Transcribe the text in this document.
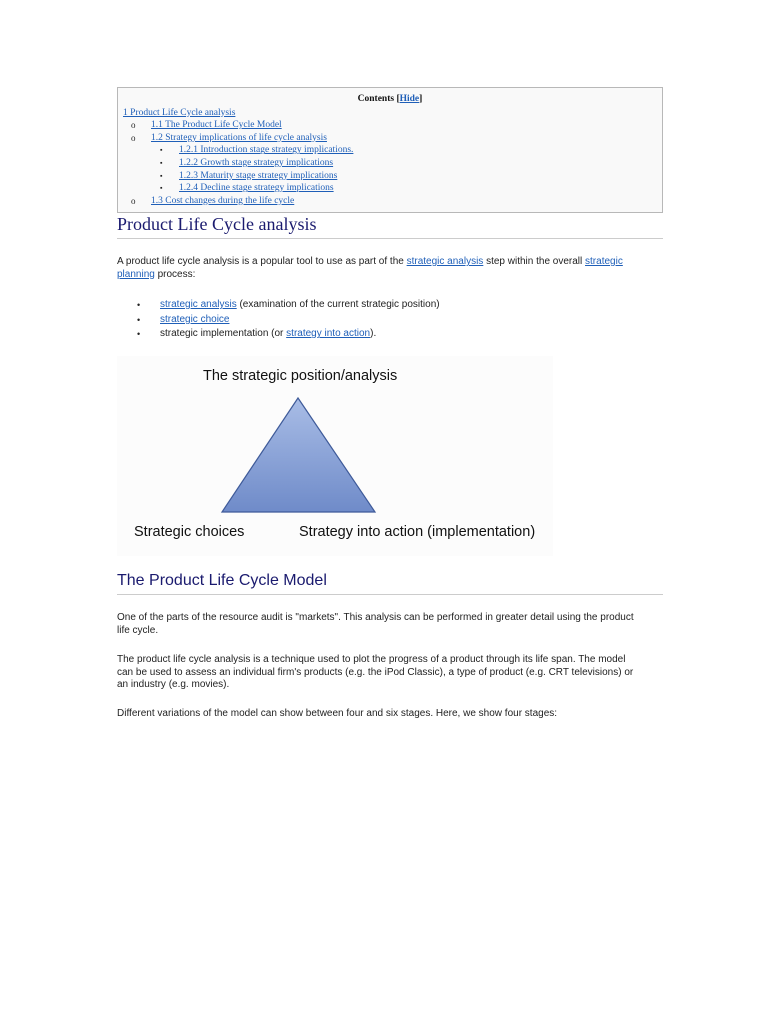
Contents [Hide]
1 Product Life Cycle analysis
o 1.1 The Product Life Cycle Model
o 1.2 Strategy implications of life cycle analysis
▪ 1.2.1 Introduction stage strategy implications.
▪ 1.2.2 Growth stage strategy implications
▪ 1.2.3 Maturity stage strategy implications
▪ 1.2.4 Decline stage strategy implications
o 1.3 Cost changes during the life cycle
Product Life Cycle analysis

A product life cycle analysis is a popular tool to use as part of the strategic analysis step within the overall strategic planning process:

• strategic analysis (examination of the current strategic position)
• strategic choice
• strategic implementation (or strategy into action).
The strategic position/analysis
Strategic choices	Strategy into action (implementation)
The Product Life Cycle Model

One of the parts of the resource audit is "markets". This analysis can be performed in greater detail using the product life cycle.

The product life cycle analysis is a technique used to plot the progress of a product through its life span. The model can be used to assess an individual firm's products (e.g. the iPod Classic), a type of product (e.g. CRT televisions) or an industry (e.g. movies).

Different variations of the model can show between four and six stages. Here, we show four stages:
